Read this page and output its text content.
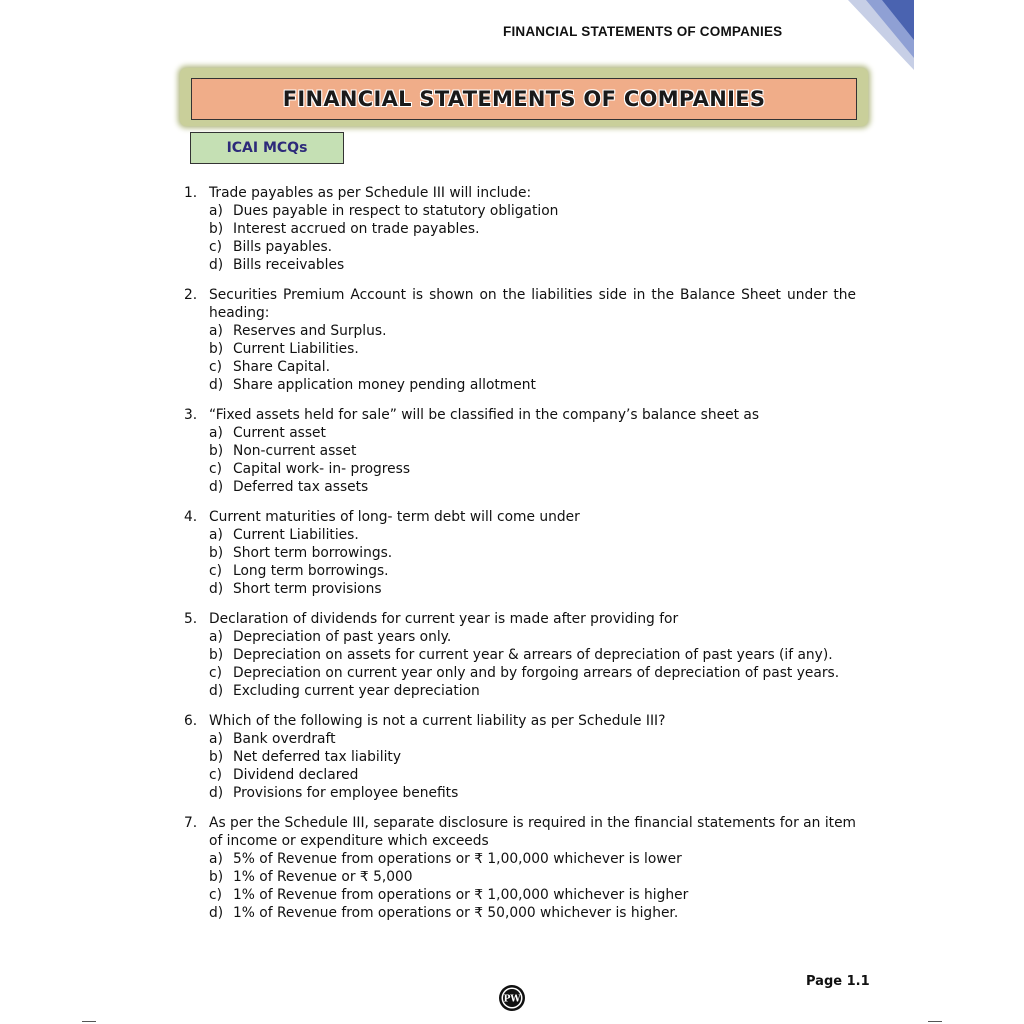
FINANCIAL STATEMENTS OF COMPANIES
FINANCIAL STATEMENTS OF COMPANIES
ICAI MCQs
1. Trade payables as per Schedule III will include:
a) Dues payable in respect to statutory obligation
b) Interest accrued on trade payables.
c) Bills payables.
d) Bills receivables
2. Securities Premium Account is shown on the liabilities side in the Balance Sheet under the heading:
a) Reserves and Surplus.
b) Current Liabilities.
c) Share Capital.
d) Share application money pending allotment
3. “Fixed assets held for sale” will be classified in the company’s balance sheet as
a) Current asset
b) Non-current asset
c) Capital work- in- progress
d) Deferred tax assets
4. Current maturities of long- term debt will come under
a) Current Liabilities.
b) Short term borrowings.
c) Long term borrowings.
d) Short term provisions
5. Declaration of dividends for current year is made after providing for
a) Depreciation of past years only.
b) Depreciation on assets for current year & arrears of depreciation of past years (if any).
c) Depreciation on current year only and by forgoing arrears of depreciation of past years.
d) Excluding current year depreciation
6. Which of the following is not a current liability as per Schedule III?
a) Bank overdraft
b) Net deferred tax liability
c) Dividend declared
d) Provisions for employee benefits
7. As per the Schedule III, separate disclosure is required in the financial statements for an item of income or expenditure which exceeds
a) 5% of Revenue from operations or ₹ 1,00,000 whichever is lower
b) 1% of Revenue or ₹ 5,000
c) 1% of Revenue from operations or ₹ 1,00,000 whichever is higher
d) 1% of Revenue from operations or ₹ 50,000 whichever is higher.
Page 1.1
PW
